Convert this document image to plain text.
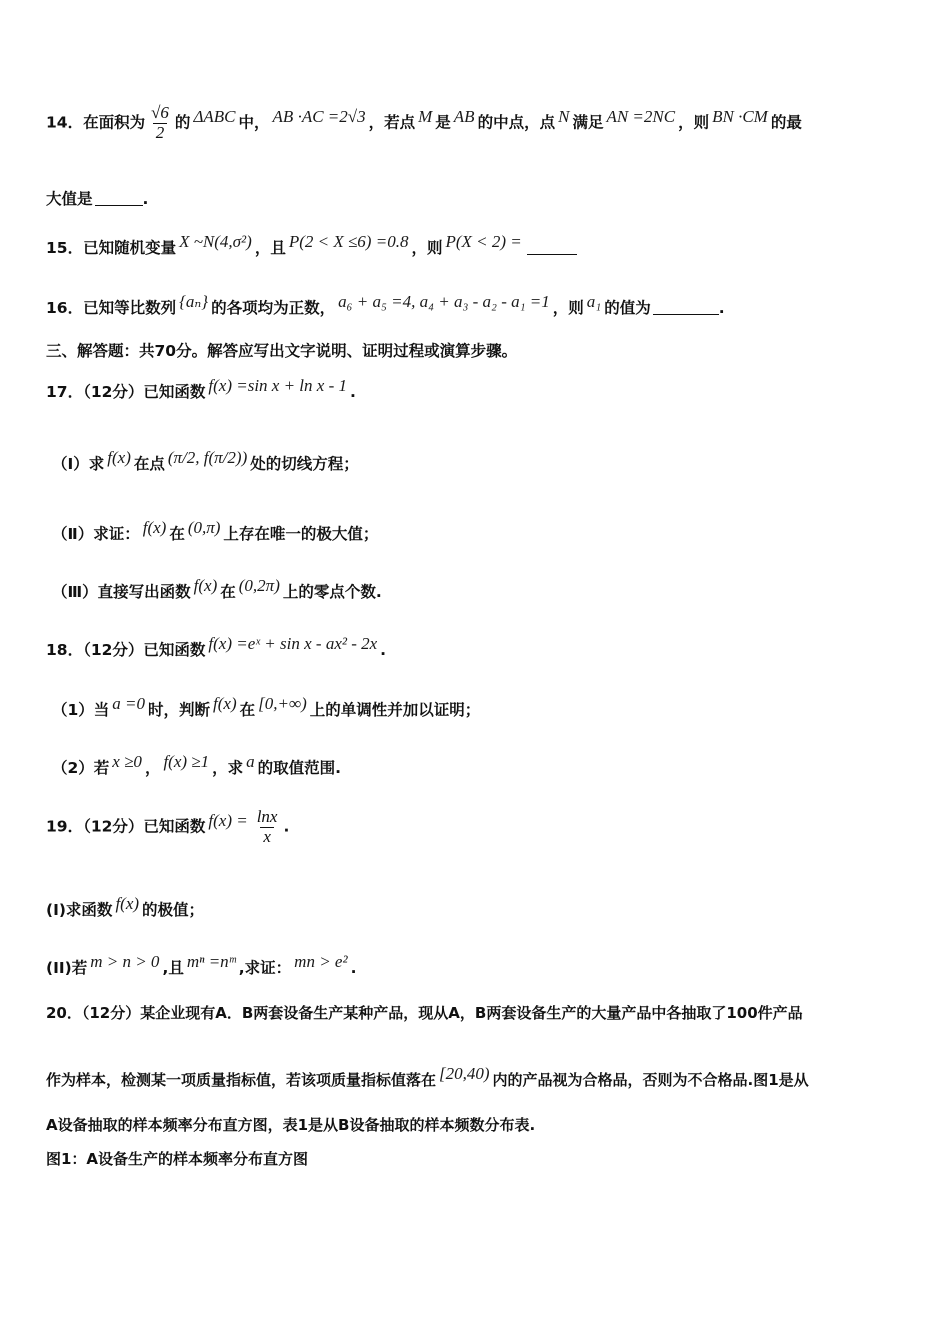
14．在面积为 $\frac{√6}{2}$ 的 ΔABC 中， AB ·AC =2√3 ，若点 M 是 AB 的中点，点 N 满足 AN =2NC ，则 BN ·CM 的最
大值是	.
15．已知随机变量 X ~N(4,σ²) ，且 P(2 < X ≤6) =0.8 ，则 P(X < 2) =
16．已知等比数列 {aₙ} 的各项均为正数， a₆ + a₅ =4, a₄ + a₃ - a₂ - a₁ =1 ，则 a₁ 的值为	.
三、解答题：共70分。解答应写出文字说明、证明过程或演算步骤。
17．（12分）已知函数 f(x) =sin x + ln x - 1 .
（Ⅰ）求 f(x) 在点 (π/2, f(π/2)) 处的切线方程；
（Ⅱ）求证： f(x) 在 (0,π) 上存在唯一的极大值；
（Ⅲ）直接写出函数 f(x) 在 (0,2π) 上的零点个数.
18．（12分）已知函数 f(x) =eˣ + sin x - ax² - 2x .
（1）当 a =0 时，判断 f(x) 在 [0,+∞) 上的单调性并加以证明；
（2）若 x ≥0 ， f(x) ≥1 ，求 a 的取值范围.
19．（12分）已知函数 $f(x) = \frac{\ln x}{x}$ .
(I)求函数 f(x) 的极值；
(II)若 m > n > 0 ,且 mⁿ =nᵐ ,求证： mn > e² .
20．（12分）某企业现有A．B两套设备生产某种产品，现从A，B两套设备生产的大量产品中各抽取了100件产品
作为样本，检测某一项质量指标值，若该项质量指标值落在 [20,40) 内的产品视为合格品，否则为不合格品.图1是从
A设备抽取的样本频率分布直方图，表1是从B设备抽取的样本频数分布表.
图1：A设备生产的样本频率分布直方图
